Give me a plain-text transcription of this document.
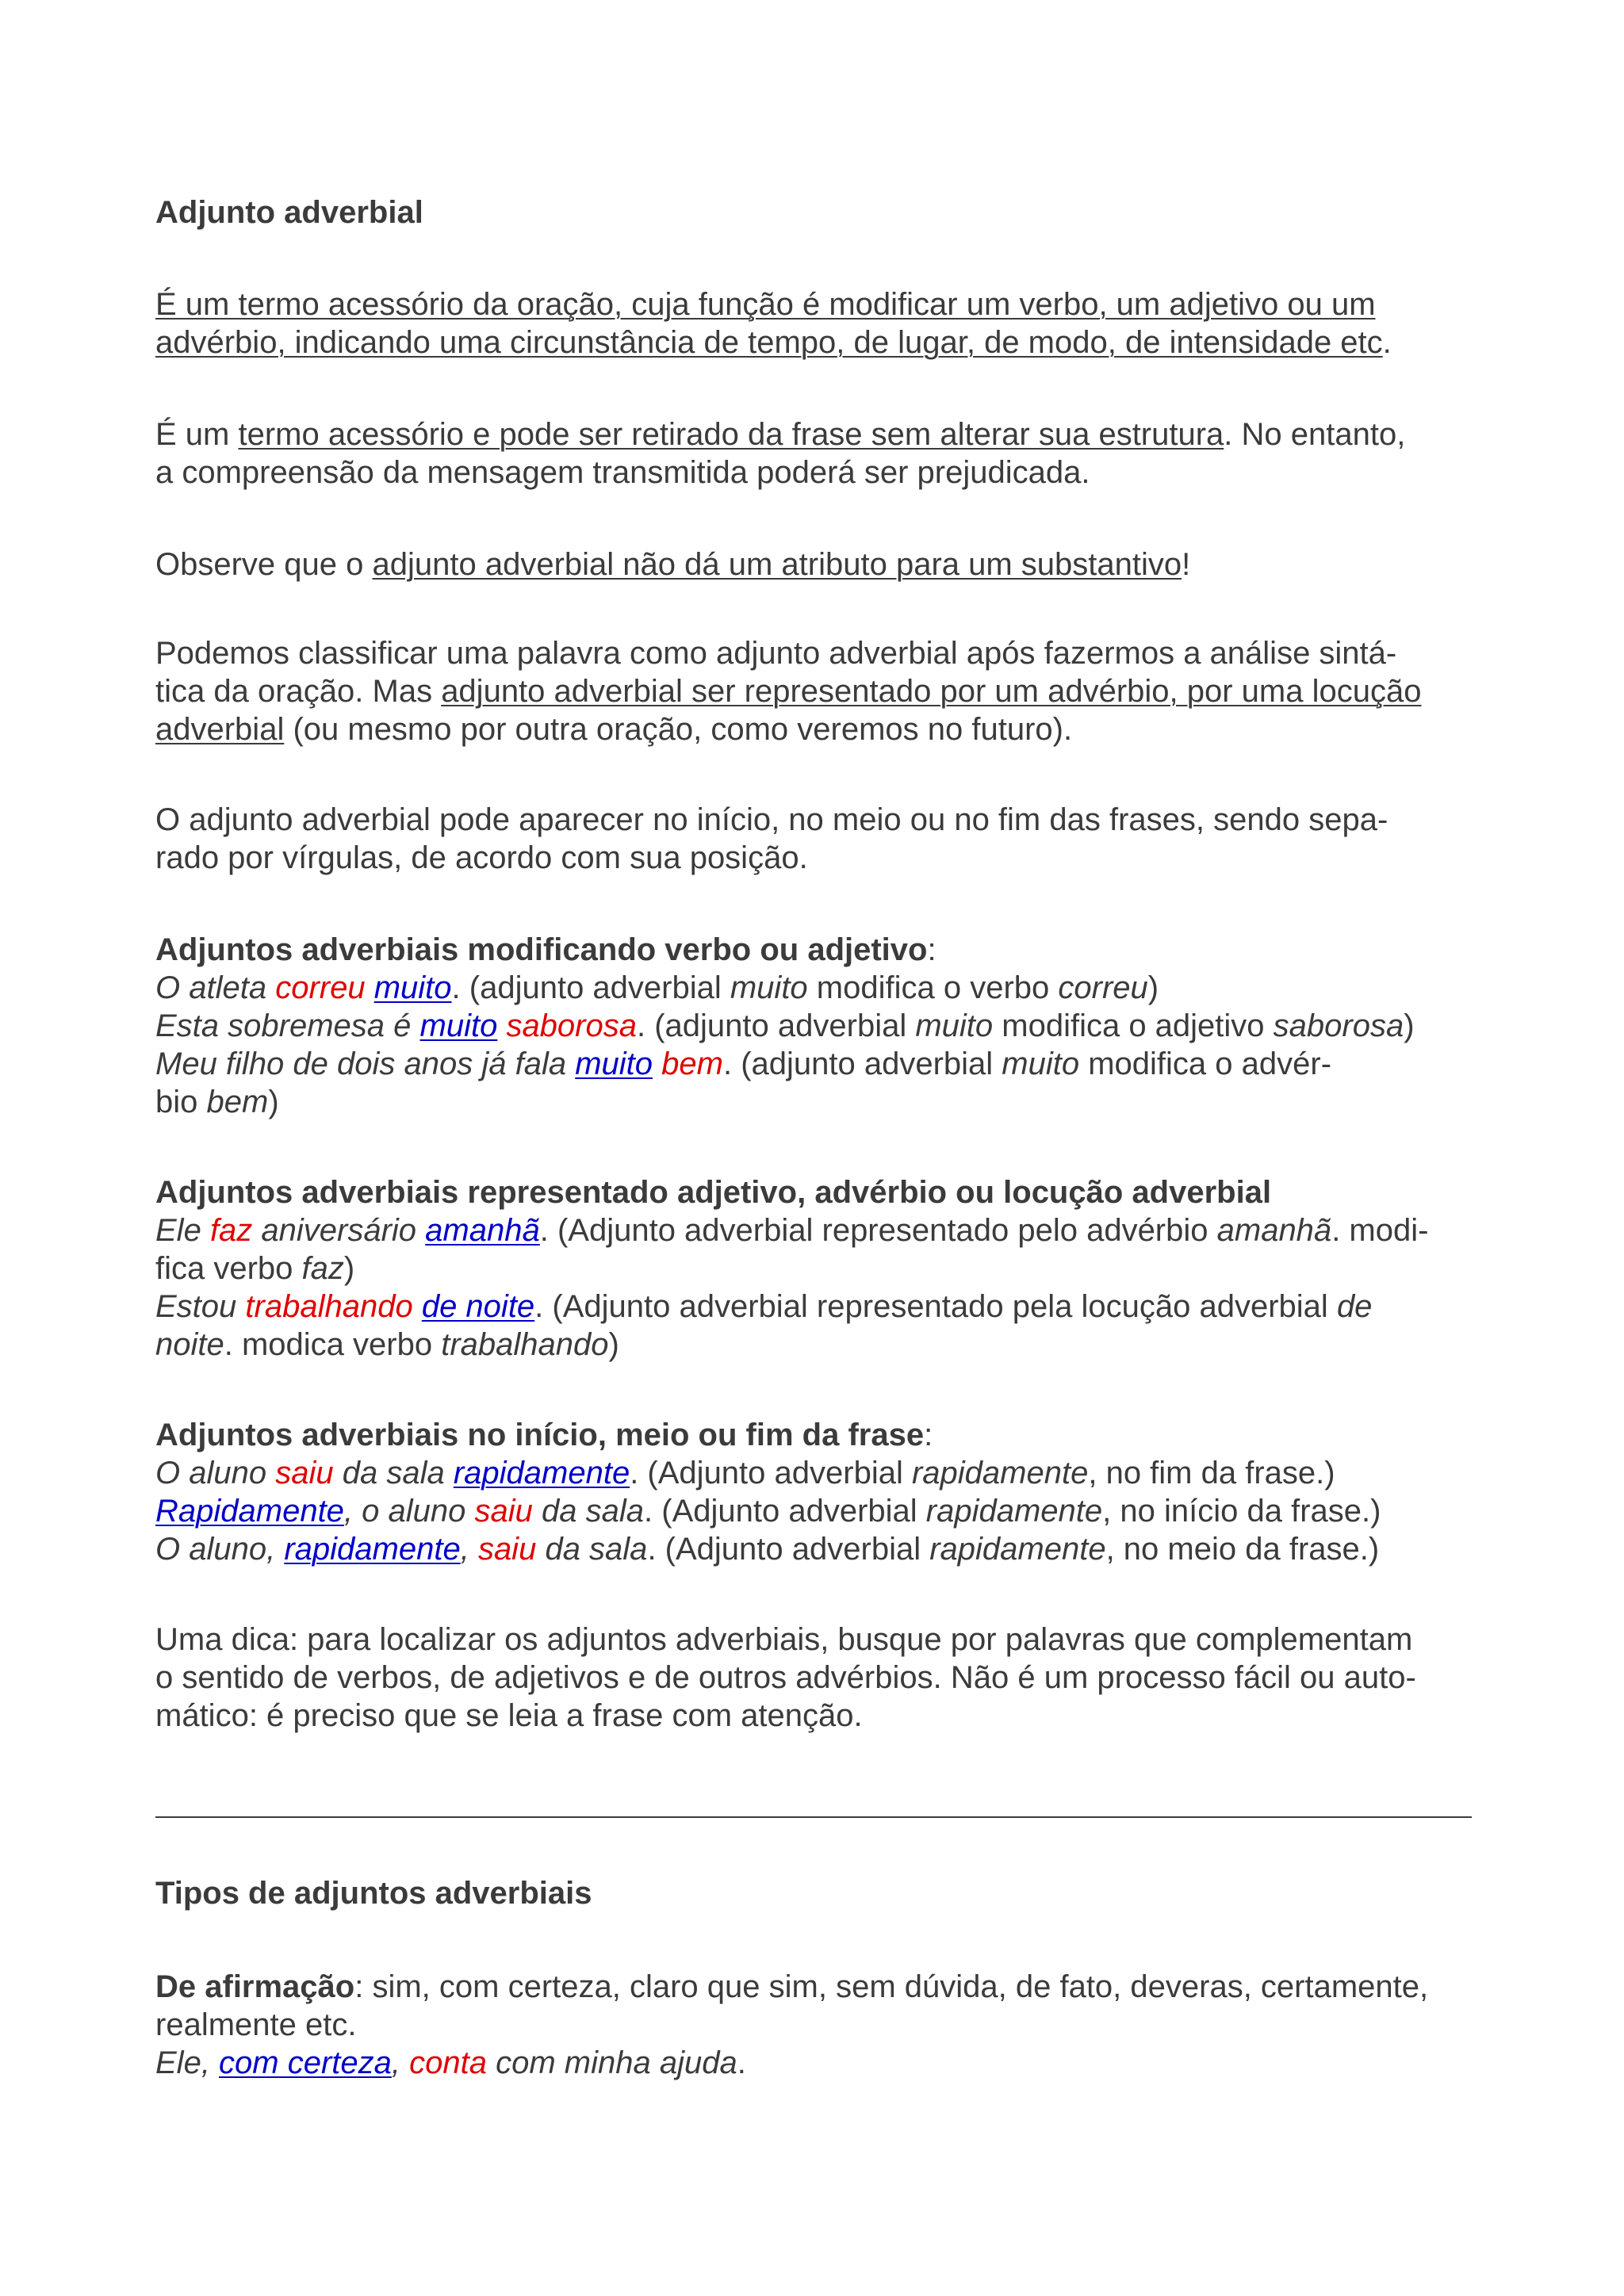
Adjunto adverbial
É um termo acessório da oração, cuja função é modificar um verbo, um adjetivo ou um
advérbio, indicando uma circunstância de tempo, de lugar, de modo, de intensidade etc.
É um termo acessório e pode ser retirado da frase sem alterar sua estrutura. No entanto,
a compreensão da mensagem transmitida poderá ser prejudicada.
Observe que o adjunto adverbial não dá um atributo para um substantivo!
Podemos classificar uma palavra como adjunto adverbial após fazermos a análise sintá-
tica da oração. Mas adjunto adverbial ser representado por um advérbio, por uma locução
adverbial (ou mesmo por outra oração, como veremos no futuro).
O adjunto adverbial pode aparecer no início, no meio ou no fim das frases, sendo sepa-
rado por vírgulas, de acordo com sua posição.
Adjuntos adverbiais modificando verbo ou adjetivo:
O atleta correu muito. (adjunto adverbial muito modifica o verbo correu)
Esta sobremesa é muito saborosa. (adjunto adverbial muito modifica o adjetivo saborosa)
Meu filho de dois anos já fala muito bem. (adjunto adverbial muito modifica o advér-
bio bem)
Adjuntos adverbiais representado adjetivo, advérbio ou locução adverbial
Ele faz aniversário amanhã. (Adjunto adverbial representado pelo advérbio amanhã. modi-
fica verbo faz)
Estou trabalhando de noite. (Adjunto adverbial representado pela locução adverbial de
noite. modica verbo trabalhando)
Adjuntos adverbiais no início, meio ou fim da frase:
O aluno saiu da sala rapidamente. (Adjunto adverbial rapidamente, no fim da frase.)
Rapidamente, o aluno saiu da sala. (Adjunto adverbial rapidamente, no início da frase.)
O aluno, rapidamente, saiu da sala. (Adjunto adverbial rapidamente, no meio da frase.)
Uma dica: para localizar os adjuntos adverbiais, busque por palavras que complementam
o sentido de verbos, de adjetivos e de outros advérbios. Não é um processo fácil ou auto-
mático: é preciso que se leia a frase com atenção.
Tipos de adjuntos adverbiais
De afirmação: sim, com certeza, claro que sim, sem dúvida, de fato, deveras, certamente,
realmente etc.
Ele, com certeza, conta com minha ajuda.
